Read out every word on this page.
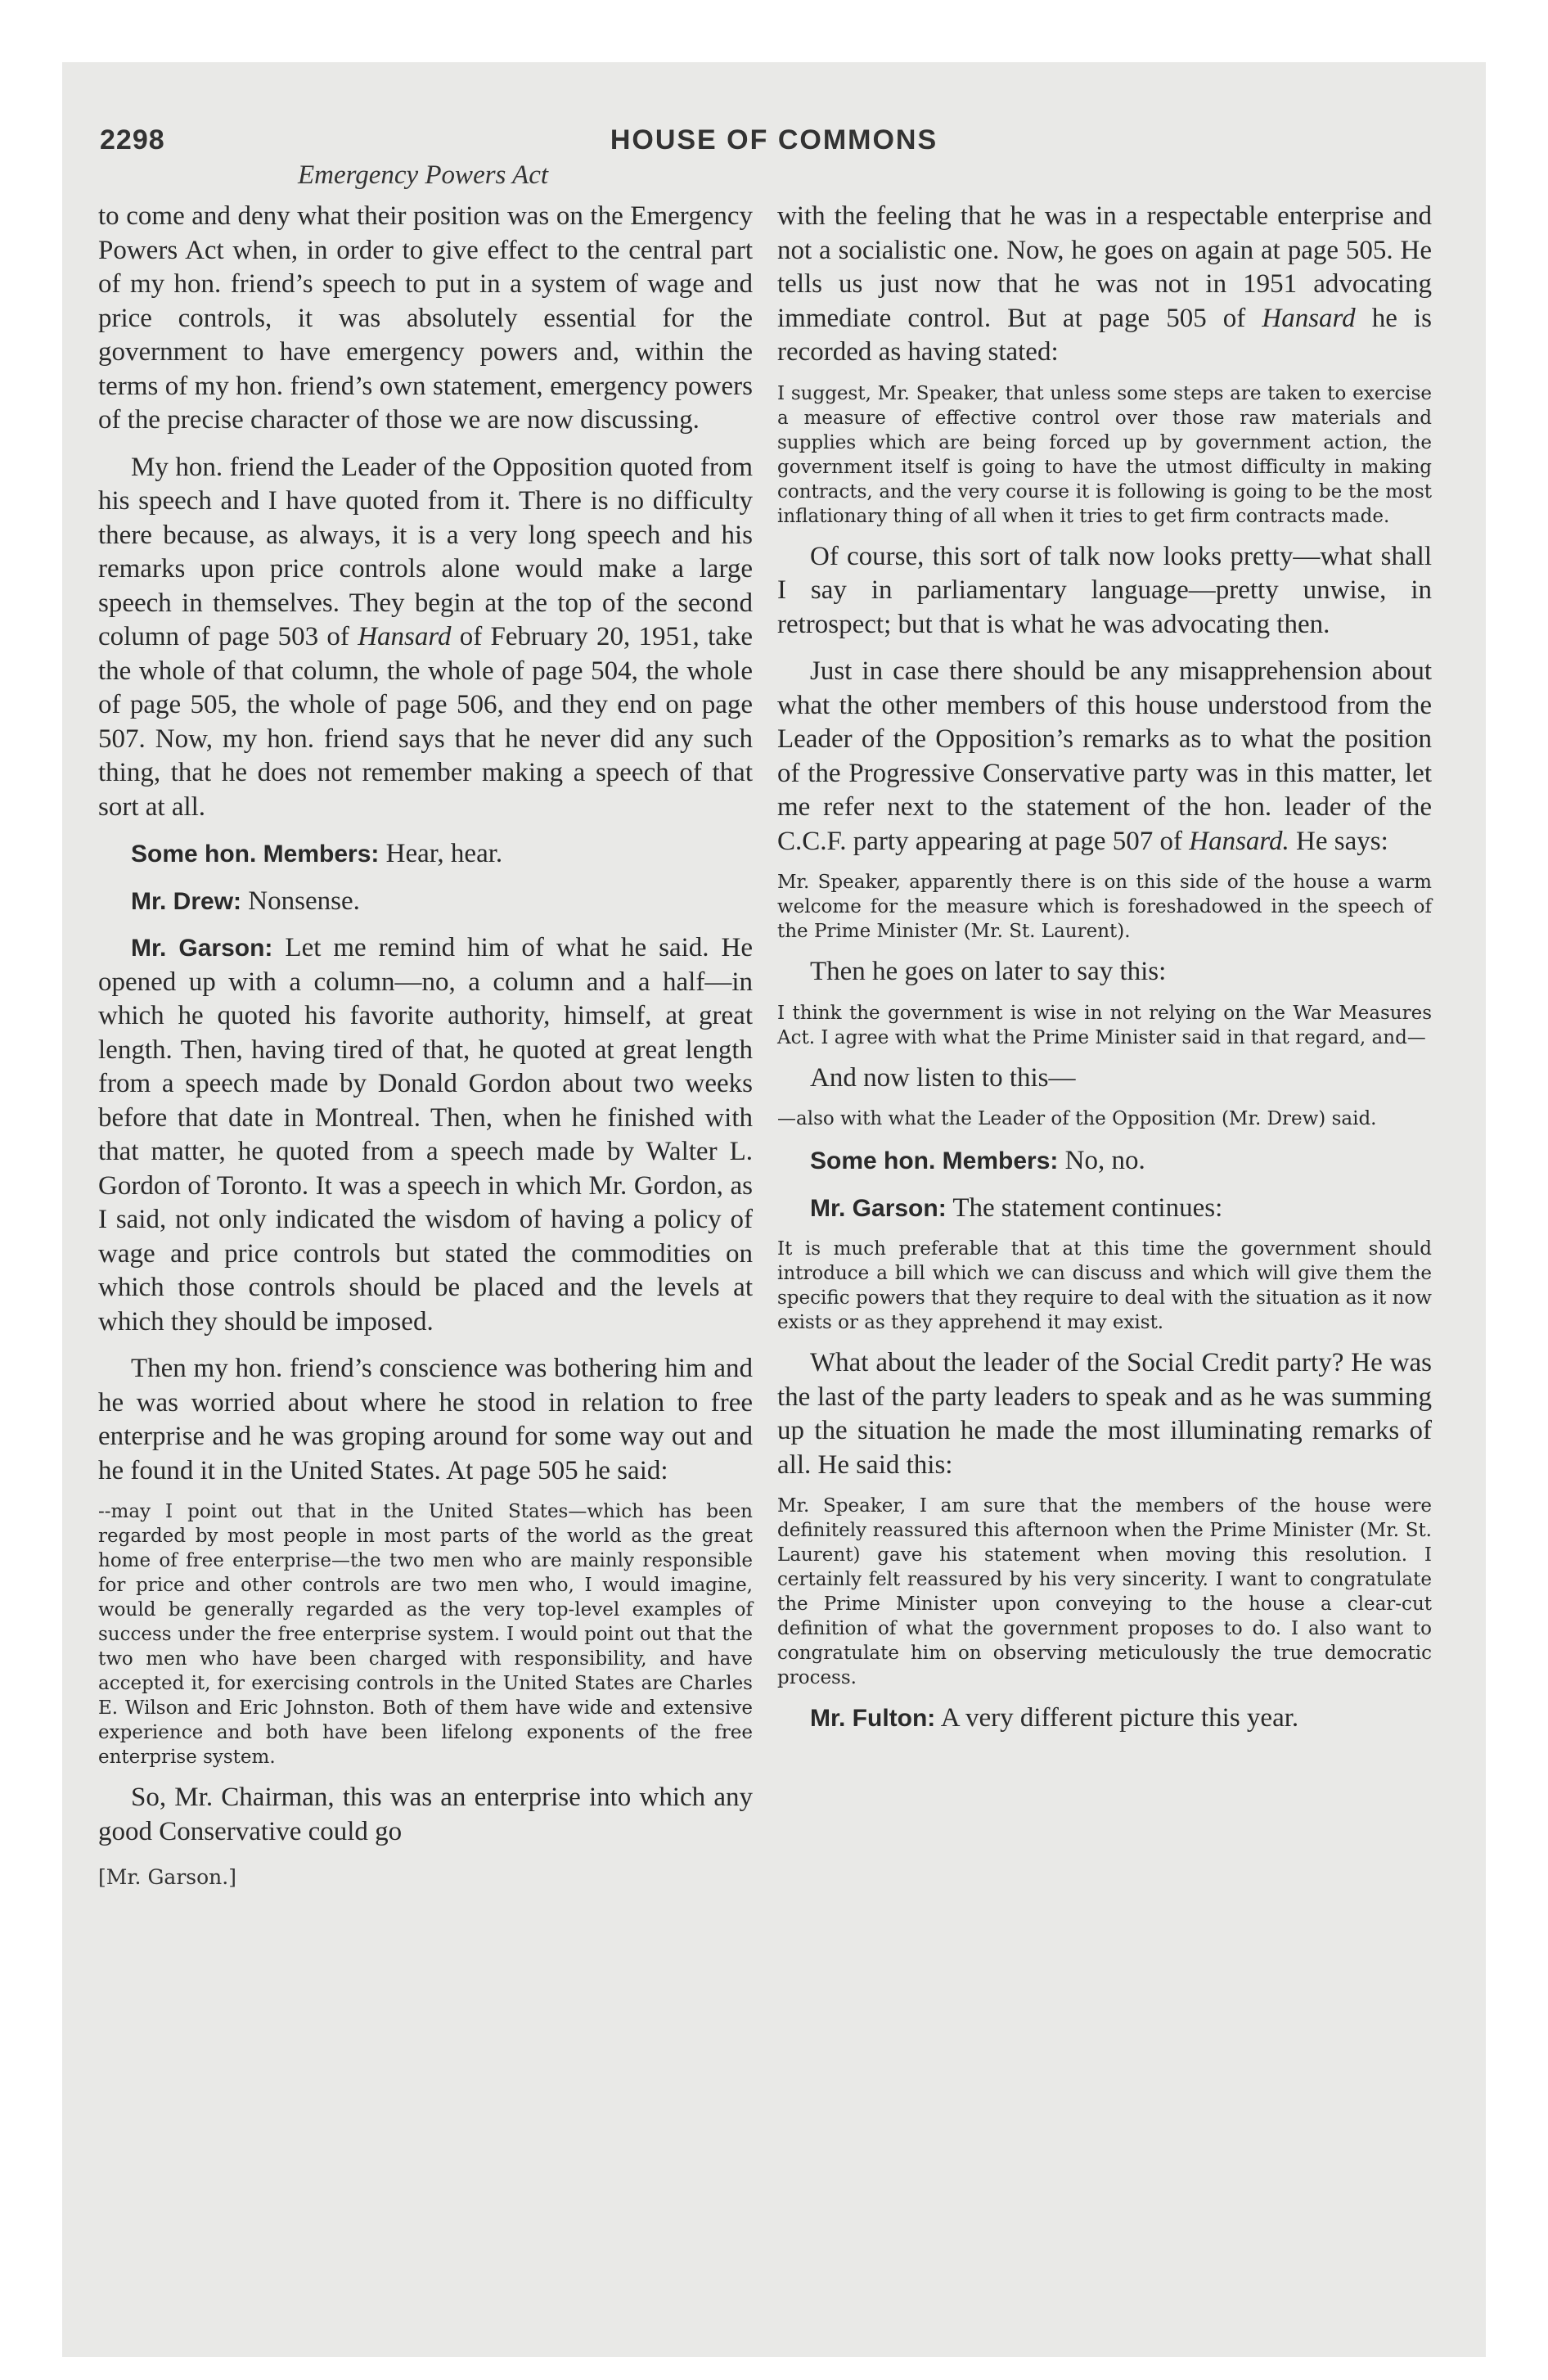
2298	HOUSE OF COMMONS
Emergency Powers Act

to come and deny what their position was on the Emergency Powers Act when, in order to give effect to the central part of my hon. friend’s speech to put in a system of wage and price controls, it was absolutely essential for the government to have emergency powers and, within the terms of my hon. friend’s own statement, emergency powers of the precise character of those we are now discussing.

My hon. friend the Leader of the Opposition quoted from his speech and I have quoted from it. There is no difficulty there because, as always, it is a very long speech and his remarks upon price controls alone would make a large speech in themselves. They begin at the top of the second column of page 503 of Hansard of February 20, 1951, take the whole of that column, the whole of page 504, the whole of page 505, the whole of page 506, and they end on page 507. Now, my hon. friend says that he never did any such thing, that he does not remember making a speech of that sort at all.

Some hon. Members: Hear, hear.

Mr. Drew: Nonsense.

Mr. Garson: Let me remind him of what he said. He opened up with a column—no, a column and a half—in which he quoted his favorite authority, himself, at great length. Then, having tired of that, he quoted at great length from a speech made by Donald Gordon about two weeks before that date in Montreal. Then, when he finished with that matter, he quoted from a speech made by Walter L. Gordon of Toronto. It was a speech in which Mr. Gordon, as I said, not only indicated the wisdom of having a policy of wage and price controls but stated the commodities on which those controls should be placed and the levels at which they should be imposed.

Then my hon. friend’s conscience was bothering him and he was worried about where he stood in relation to free enterprise and he was groping around for some way out and he found it in the United States. At page 505 he said:

--may I point out that in the United States—which has been regarded by most people in most parts of the world as the great home of free enterprise—the two men who are mainly responsible for price and other controls are two men who, I would imagine, would be generally regarded as the very top-level examples of success under the free enterprise system. I would point out that the two men who have been charged with responsibility, and have accepted it, for exercising controls in the United States are Charles E. Wilson and Eric Johnston. Both of them have wide and extensive experience and both have been lifelong exponents of the free enterprise system.

So, Mr. Chairman, this was an enterprise into which any good Conservative could go

[Mr. Garson.]

with the feeling that he was in a respectable enterprise and not a socialistic one. Now, he goes on again at page 505. He tells us just now that he was not in 1951 advocating immediate control. But at page 505 of Hansard he is recorded as having stated:

I suggest, Mr. Speaker, that unless some steps are taken to exercise a measure of effective control over those raw materials and supplies which are being forced up by government action, the government itself is going to have the utmost difficulty in making contracts, and the very course it is following is going to be the most inflationary thing of all when it tries to get firm contracts made.

Of course, this sort of talk now looks pretty—what shall I say in parliamentary language—pretty unwise, in retrospect; but that is what he was advocating then.

Just in case there should be any misapprehension about what the other members of this house understood from the Leader of the Opposition’s remarks as to what the position of the Progressive Conservative party was in this matter, let me refer next to the statement of the hon. leader of the C.C.F. party appearing at page 507 of Hansard. He says:

Mr. Speaker, apparently there is on this side of the house a warm welcome for the measure which is foreshadowed in the speech of the Prime Minister (Mr. St. Laurent).

Then he goes on later to say this:

I think the government is wise in not relying on the War Measures Act. I agree with what the Prime Minister said in that regard, and—

And now listen to this—

—also with what the Leader of the Opposition (Mr. Drew) said.

Some hon. Members: No, no.

Mr. Garson: The statement continues:

It is much preferable that at this time the government should introduce a bill which we can discuss and which will give them the specific powers that they require to deal with the situation as it now exists or as they apprehend it may exist.

What about the leader of the Social Credit party? He was the last of the party leaders to speak and as he was summing up the situation he made the most illuminating remarks of all. He said this:

Mr. Speaker, I am sure that the members of the house were definitely reassured this afternoon when the Prime Minister (Mr. St. Laurent) gave his statement when moving this resolution. I certainly felt reassured by his very sincerity. I want to congratulate the Prime Minister upon conveying to the house a clear-cut definition of what the government proposes to do. I also want to congratulate him on observing meticulously the true democratic process.

Mr. Fulton: A very different picture this year.
